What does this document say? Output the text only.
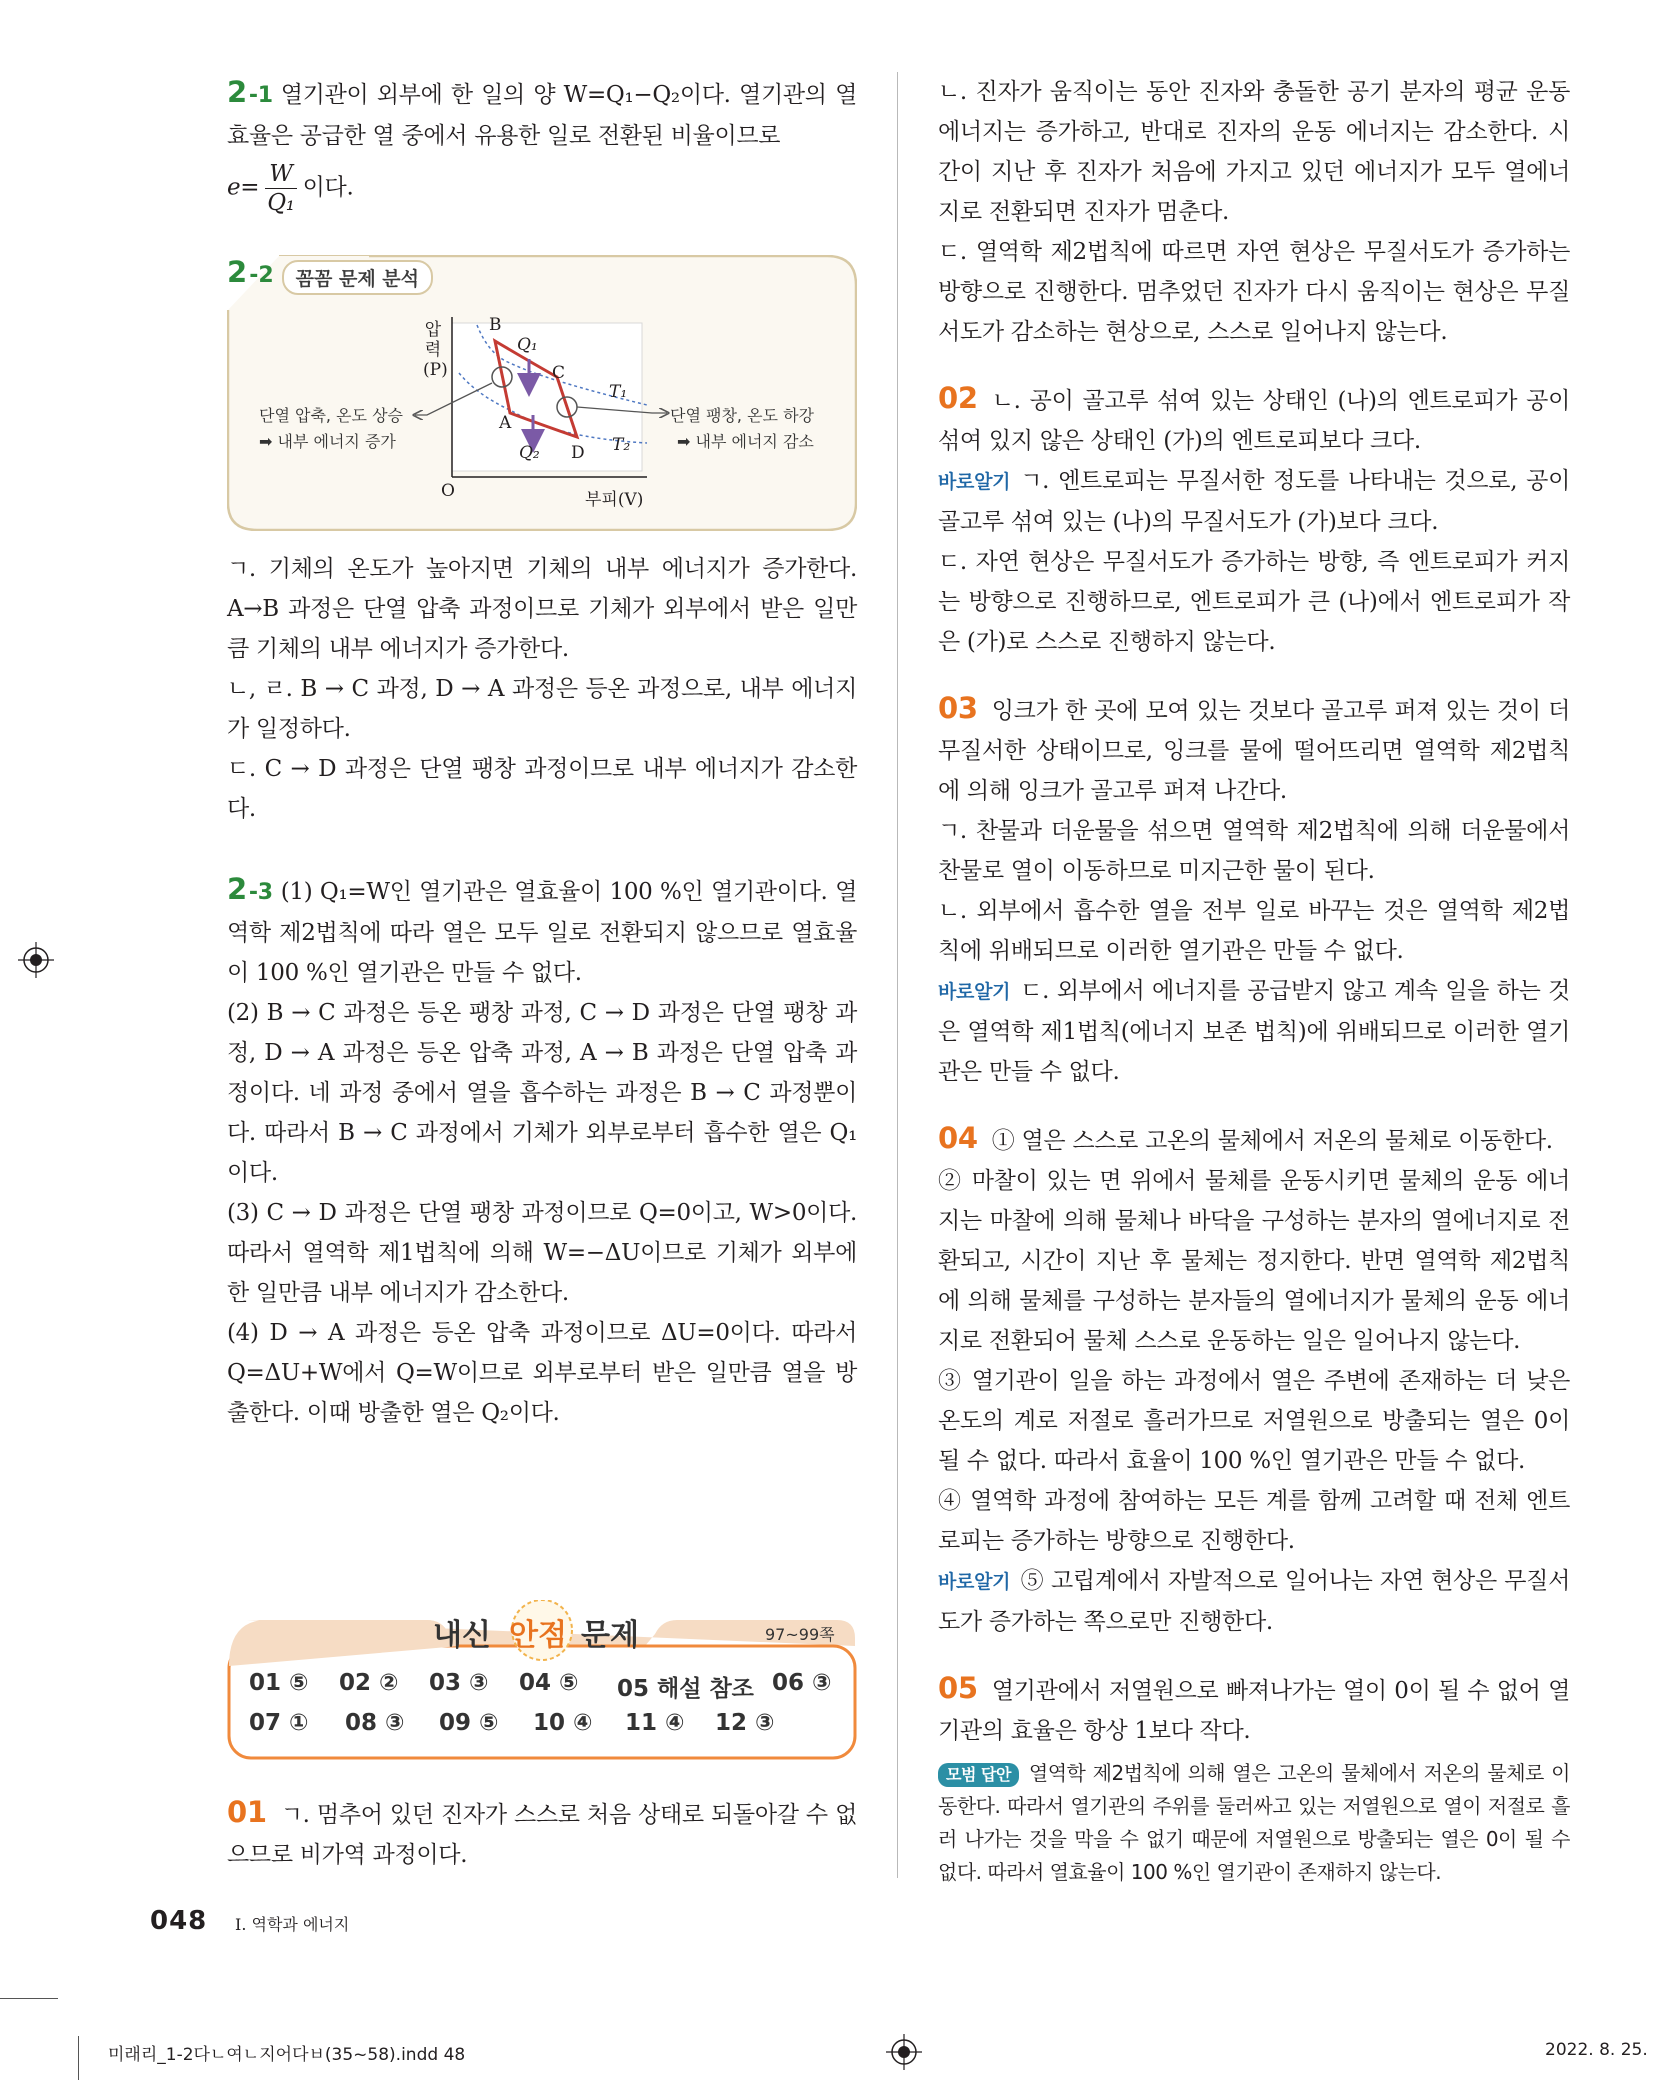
2-1 열기관이 외부에 한 일의 양 W=Q₁−Q₂이다. 열기관의 열효율은 공급한 열 중에서 유용한 일로 전환된 비율이므로

$e= \frac{W}{\text{Q₁}}$ 이다.

2-2 꼼꼼 문제 분석
압력(P)
B
Q₁
C
T₁
A
Q₂ D T₂
O	부피(V)
단열 압축, 온도 상승
➡ 내부 에너지 증가
단열 팽창, 온도 하강
➡ 내부 에너지 감소

ㄱ. 기체의 온도가 높아지면 기체의 내부 에너지가 증가한다. A→B 과정은 단열 압축 과정이므로 기체가 외부에서 받은 일만큼 기체의 내부 에너지가 증가한다.

ㄴ, ㄹ. B → C 과정, D → A 과정은 등온 과정으로, 내부 에너지가 일정하다.

ㄷ. C → D 과정은 단열 팽창 과정이므로 내부 에너지가 감소한다.

2-3 (1) Q₁=W인 열기관은 열효율이 100 %인 열기관이다. 열역학 제2법칙에 따라 열은 모두 일로 전환되지 않으므로 열효율이 100 %인 열기관은 만들 수 없다.

(2) B → C 과정은 등온 팽창 과정, C → D 과정은 단열 팽창 과정, D → A 과정은 등온 압축 과정, A → B 과정은 단열 압축 과정이다. 네 과정 중에서 열을 흡수하는 과정은 B → C 과정뿐이다. 따라서 B → C 과정에서 기체가 외부로부터 흡수한 열은 Q₁이다.

(3) C → D 과정은 단열 팽창 과정이므로 Q=0이고, W>0이다. 따라서 열역학 제1법칙에 의해 W=−ΔU이므로 기체가 외부에 한 일만큼 내부 에너지가 감소한다.

(4) D → A 과정은 등온 압축 과정이므로 ΔU=0이다. 따라서 Q=ΔU+W에서 Q=W이므로 외부로부터 받은 일만큼 열을 방출한다. 이때 방출한 열은 Q₂이다.

내신 안점 문제	97~99쪽
01 ⑤ 02 ② 03 ③ 04 ⑤ 05 해설 참조 06 ③
07 ① 08 ③ 09 ⑤ 10 ④ 11 ④ 12 ③

01 ㄱ. 멈추어 있던 진자가 스스로 처음 상태로 되돌아갈 수 없으므로 비가역 과정이다.

ㄴ. 진자가 움직이는 동안 진자와 충돌한 공기 분자의 평균 운동 에너지는 증가하고, 반대로 진자의 운동 에너지는 감소한다. 시간이 지난 후 진자가 처음에 가지고 있던 에너지가 모두 열에너지로 전환되면 진자가 멈춘다.

ㄷ. 열역학 제2법칙에 따르면 자연 현상은 무질서도가 증가하는 방향으로 진행한다. 멈추었던 진자가 다시 움직이는 현상은 무질서도가 감소하는 현상으로, 스스로 일어나지 않는다.

02 ㄴ. 공이 골고루 섞여 있는 상태인 (나)의 엔트로피가 공이 섞여 있지 않은 상태인 (가)의 엔트로피보다 크다.

바로알기 ㄱ. 엔트로피는 무질서한 정도를 나타내는 것으로, 공이 골고루 섞여 있는 (나)의 무질서도가 (가)보다 크다.

ㄷ. 자연 현상은 무질서도가 증가하는 방향, 즉 엔트로피가 커지는 방향으로 진행하므로, 엔트로피가 큰 (나)에서 엔트로피가 작은 (가)로 스스로 진행하지 않는다.

03 잉크가 한 곳에 모여 있는 것보다 골고루 퍼져 있는 것이 더 무질서한 상태이므로, 잉크를 물에 떨어뜨리면 열역학 제2법칙에 의해 잉크가 골고루 퍼져 나간다.

ㄱ. 찬물과 더운물을 섞으면 열역학 제2법칙에 의해 더운물에서 찬물로 열이 이동하므로 미지근한 물이 된다.

ㄴ. 외부에서 흡수한 열을 전부 일로 바꾸는 것은 열역학 제2법칙에 위배되므로 이러한 열기관은 만들 수 없다.

바로알기 ㄷ. 외부에서 에너지를 공급받지 않고 계속 일을 하는 것은 열역학 제1법칙(에너지 보존 법칙)에 위배되므로 이러한 열기관은 만들 수 없다.

04 ① 열은 스스로 고온의 물체에서 저온의 물체로 이동한다.

② 마찰이 있는 면 위에서 물체를 운동시키면 물체의 운동 에너지는 마찰에 의해 물체나 바닥을 구성하는 분자의 열에너지로 전환되고, 시간이 지난 후 물체는 정지한다. 반면 열역학 제2법칙에 의해 물체를 구성하는 분자들의 열에너지가 물체의 운동 에너지로 전환되어 물체 스스로 운동하는 일은 일어나지 않는다.

③ 열기관이 일을 하는 과정에서 열은 주변에 존재하는 더 낮은 온도의 계로 저절로 흘러가므로 저열원으로 방출되는 열은 0이 될 수 없다. 따라서 효율이 100 %인 열기관은 만들 수 없다.

④ 열역학 과정에 참여하는 모든 계를 함께 고려할 때 전체 엔트로피는 증가하는 방향으로 진행한다.

바로알기 ⑤ 고립계에서 자발적으로 일어나는 자연 현상은 무질서도가 증가하는 쪽으로만 진행한다.

05 열기관에서 저열원으로 빠져나가는 열이 0이 될 수 없어 열기관의 효율은 항상 1보다 작다.

모범 답안 열역학 제2법칙에 의해 열은 고온의 물체에서 저온의 물체로 이동한다. 따라서 열기관의 주위를 둘러싸고 있는 저열원으로 열이 저절로 흘러 나가는 것을 막을 수 없기 때문에 저열원으로 방출되는 열은 0이 될 수 없다. 따라서 열효율이 100 %인 열기관이 존재하지 않는다.

048 I. 역학과 에너지
미래리_1-2다ㄴ여ㄴ지어다ㅂ(35~58).indd 48	2022. 8. 25.
